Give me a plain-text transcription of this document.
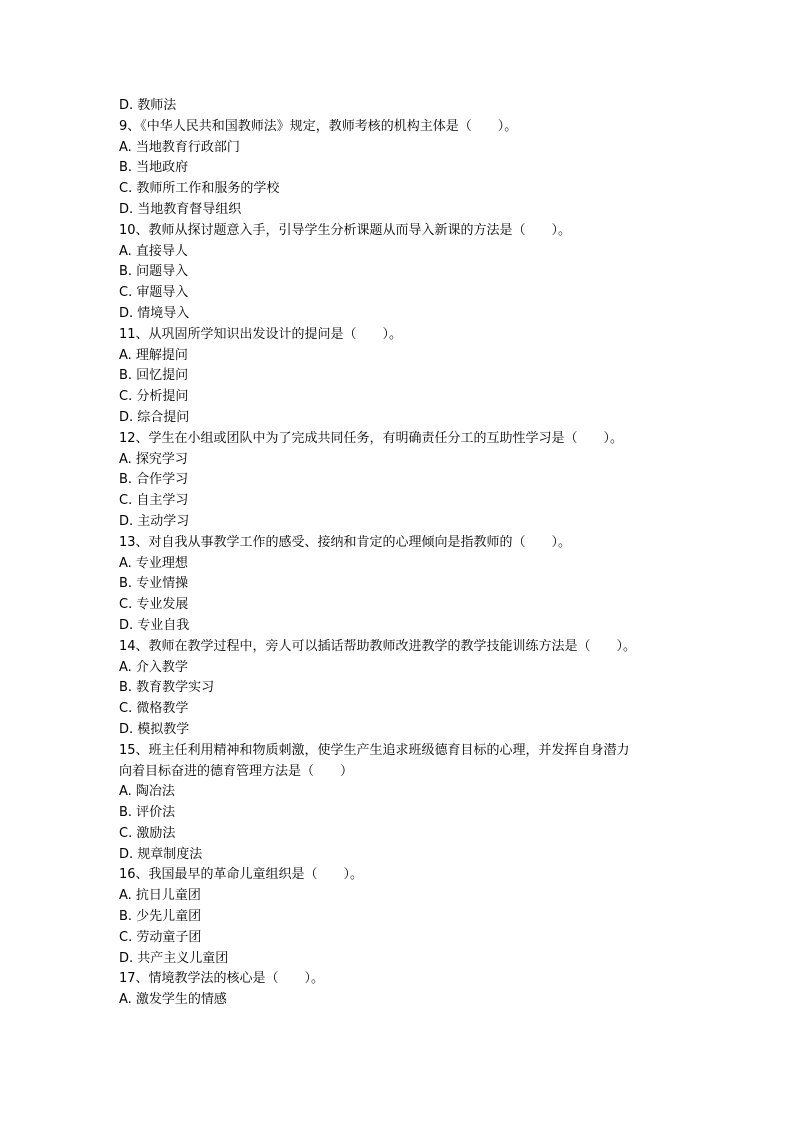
D. 教师法
9、《中华人民共和国教师法》规定，教师考核的机构主体是（　　）。
A. 当地教育行政部门
B. 当地政府
C. 教师所工作和服务的学校
D. 当地教育督导组织
10、教师从探讨题意入手，引导学生分析课题从而导入新课的方法是（　　）。
A. 直接导人
B. 问题导入
C. 审题导入
D. 情境导入
11、从巩固所学知识出发设计的提问是（　　）。
A. 理解提问
B. 回忆提问
C. 分析提问
D. 综合提问
12、学生在小组或团队中为了完成共同任务，有明确责任分工的互助性学习是（　　）。
A. 探究学习
B. 合作学习
C. 自主学习
D. 主动学习
13、对自我从事教学工作的感受、接纳和肯定的心理倾向是指教师的（　　）。
A. 专业理想
B. 专业情操
C. 专业发展
D. 专业自我
14、教师在教学过程中，旁人可以插话帮助教师改进教学的教学技能训练方法是（　　）。
A. 介入教学
B. 教育教学实习
C. 微格教学
D. 模拟教学
15、班主任利用精神和物质刺激，使学生产生追求班级德育目标的心理，并发挥自身潜力
向着目标奋进的德育管理方法是（　　）
A. 陶冶法
B. 评价法
C. 激励法
D. 规章制度法
16、我国最早的革命儿童组织是（　　）。
A. 抗日儿童团
B. 少先儿童团
C. 劳动童子团
D. 共产主义儿童团
17、情境教学法的核心是（　　）。
A. 激发学生的情感
